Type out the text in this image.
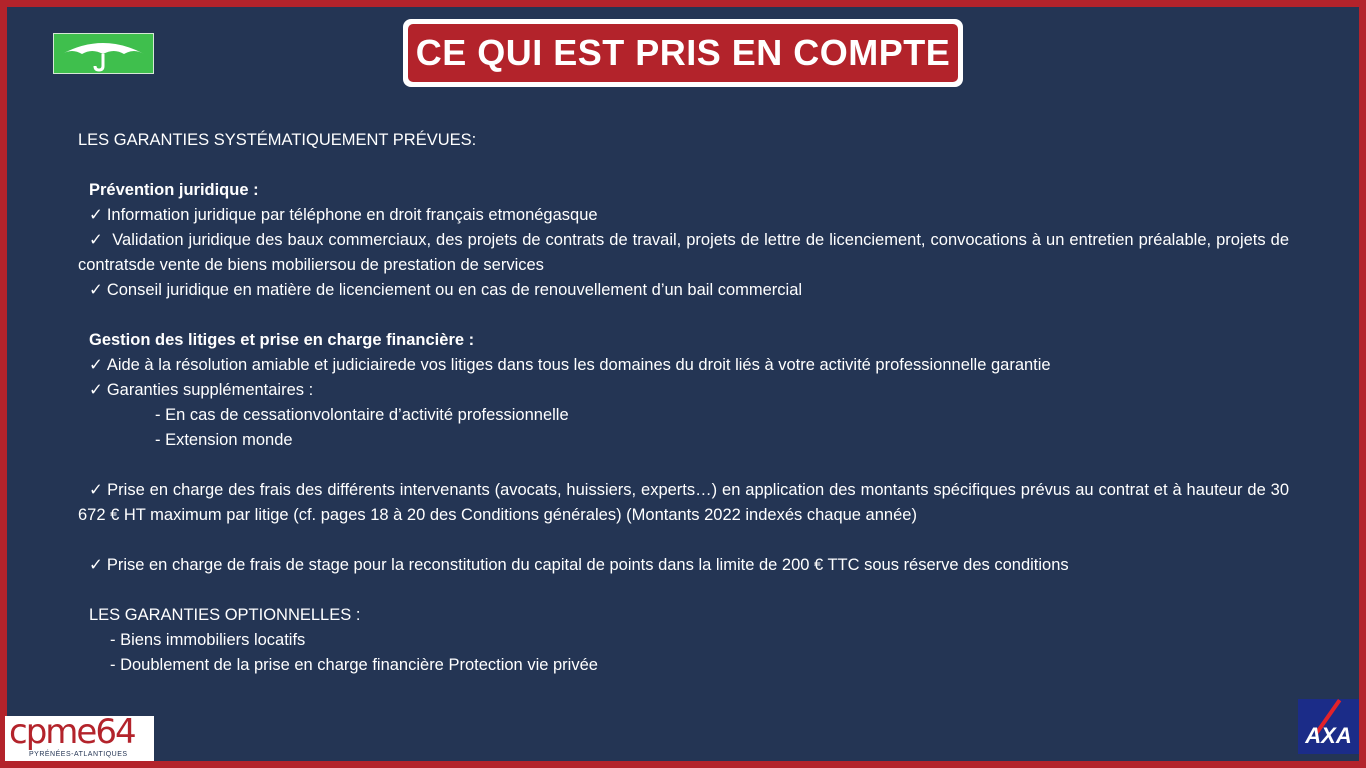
CE QUI EST PRIS EN COMPTE

LES GARANTIES SYSTÉMATIQUEMENT PRÉVUES:

Prévention juridique :

✓ Information juridique par téléphone en droit français etmonégasque

✓ Validation juridique des baux commerciaux, des projets de contrats de travail, projets de lettre de licenciement, convocations à un entretien préalable, projets de contratsde vente de biens mobiliersou de prestation de services

✓ Conseil juridique en matière de licenciement ou en cas de renouvellement d’un bail commercial

Gestion des litiges et prise en charge financière :

✓ Aide à la résolution amiable et judiciairede vos litiges dans tous les domaines du droit liés à votre activité professionnelle garantie

✓ Garanties supplémentaires :

- En cas de cessationvolontaire d’activité professionnelle

- Extension monde

✓ Prise en charge des frais des différents intervenants (avocats, huissiers, experts…) en application des montants spécifiques prévus au contrat et à hauteur de 30 672 € HT maximum par litige (cf. pages 18 à 20 des Conditions générales) (Montants 2022 indexés chaque année)

✓ Prise en charge de frais de stage pour la reconstitution du capital de points dans la limite de 200 € TTC sous réserve des conditions

LES GARANTIES OPTIONNELLES :

- Biens immobiliers locatifs

- Doublement de la prise en charge financière Protection vie privée

cpme64
PYRÉNÉES-ATLANTIQUES
AXA
